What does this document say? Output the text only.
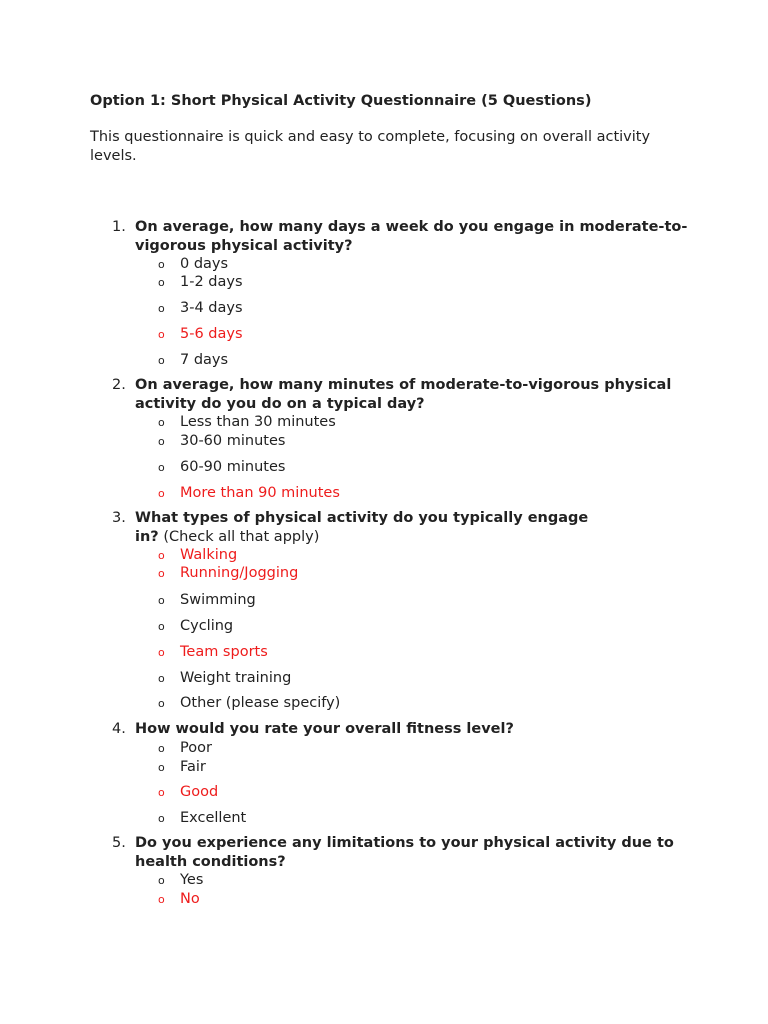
Option 1: Short Physical Activity Questionnaire (5 Questions)

This questionnaire is quick and easy to complete, focusing on overall activity levels.

1. On average, how many days a week do you engage in moderate-to-vigorous physical activity?
o 0 days
o 1-2 days
o 3-4 days
o 5-6 days
o 7 days
2. On average, how many minutes of moderate-to-vigorous physical activity do you do on a typical day?
o Less than 30 minutes
o 30-60 minutes
o 60-90 minutes
o More than 90 minutes
3. What types of physical activity do you typically engage in? (Check all that apply)
o Walking
o Running/Jogging
o Swimming
o Cycling
o Team sports
o Weight training
o Other (please specify)
4. How would you rate your overall fitness level?
o Poor
o Fair
o Good
o Excellent
5. Do you experience any limitations to your physical activity due to health conditions?
o Yes
o No
